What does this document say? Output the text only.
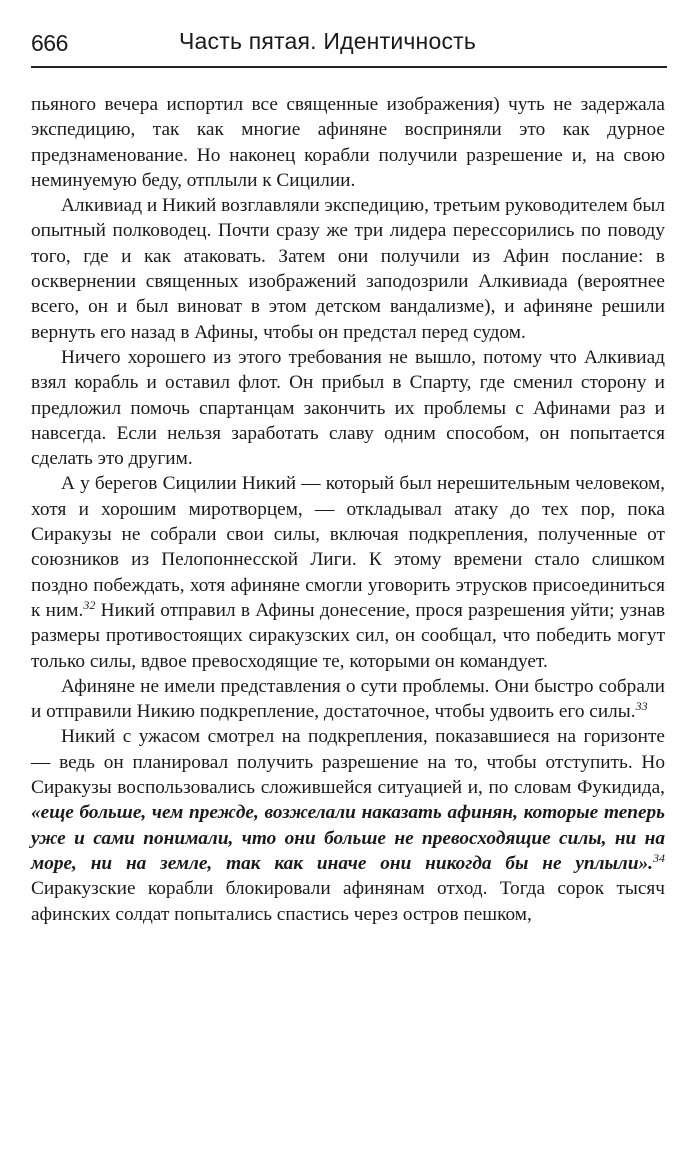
666	Часть пятая. Идентичность

пьяного вечера испортил все священные изображения) чуть не задержала экспедицию, так как многие афиняне восприняли это как дурное предзнаменование. Но наконец корабли получили разрешение и, на свою неминуемую беду, отплыли к Сицилии.

Алкивиад и Никий возглавляли экспедицию, третьим руководителем был опытный полководец. Почти сразу же три лидера перессорились по поводу того, где и как атаковать. Затем они получили из Афин послание: в осквернении священных изображений заподозрили Алкивиада (вероятнее всего, он и был виноват в этом детском вандализме), и афиняне решили вернуть его назад в Афины, чтобы он предстал перед судом.

Ничего хорошего из этого требования не вышло, потому что Алкивиад взял корабль и оставил флот. Он прибыл в Спарту, где сменил сторону и предложил помочь спартанцам закончить их проблемы с Афинами раз и навсегда. Если нельзя заработать славу одним способом, он попытается сделать это другим.

А у берегов Сицилии Никий — который был нерешительным человеком, хотя и хорошим миротворцем, — откладывал атаку до тех пор, пока Сиракузы не собрали свои силы, включая подкрепления, полученные от союзников из Пелопоннесской Лиги. К этому времени стало слишком поздно побеждать, хотя афиняне смогли уговорить этрусков присоединиться к ним.$^{32}$ Никий отправил в Афины донесение, прося разрешения уйти; узнав размеры противостоящих сиракузских сил, он сообщал, что победить могут только силы, вдвое превосходящие те, которыми он командует.

Афиняне не имели представления о сути проблемы. Они быстро собрали и отправили Никию подкрепление, достаточное, чтобы удвоить его силы.$^{33}$

Никий с ужасом смотрел на подкрепления, показавшиеся на горизонте — ведь он планировал получить разрешение на то, чтобы отступить. Но Сиракузы воспользовались сложившейся ситуацией и, по словам Фукидида, «еще больше, чем прежде, возжелали наказать афинян, которые теперь уже и сами понимали, что они больше не превосходящие силы, ни на море, ни на земле, так как иначе они никогда бы не уплыли».$^{34}$ Сиракузские корабли блокировали афинянам отход. Тогда сорок тысяч афинских солдат попытались спастись через остров пешком,
